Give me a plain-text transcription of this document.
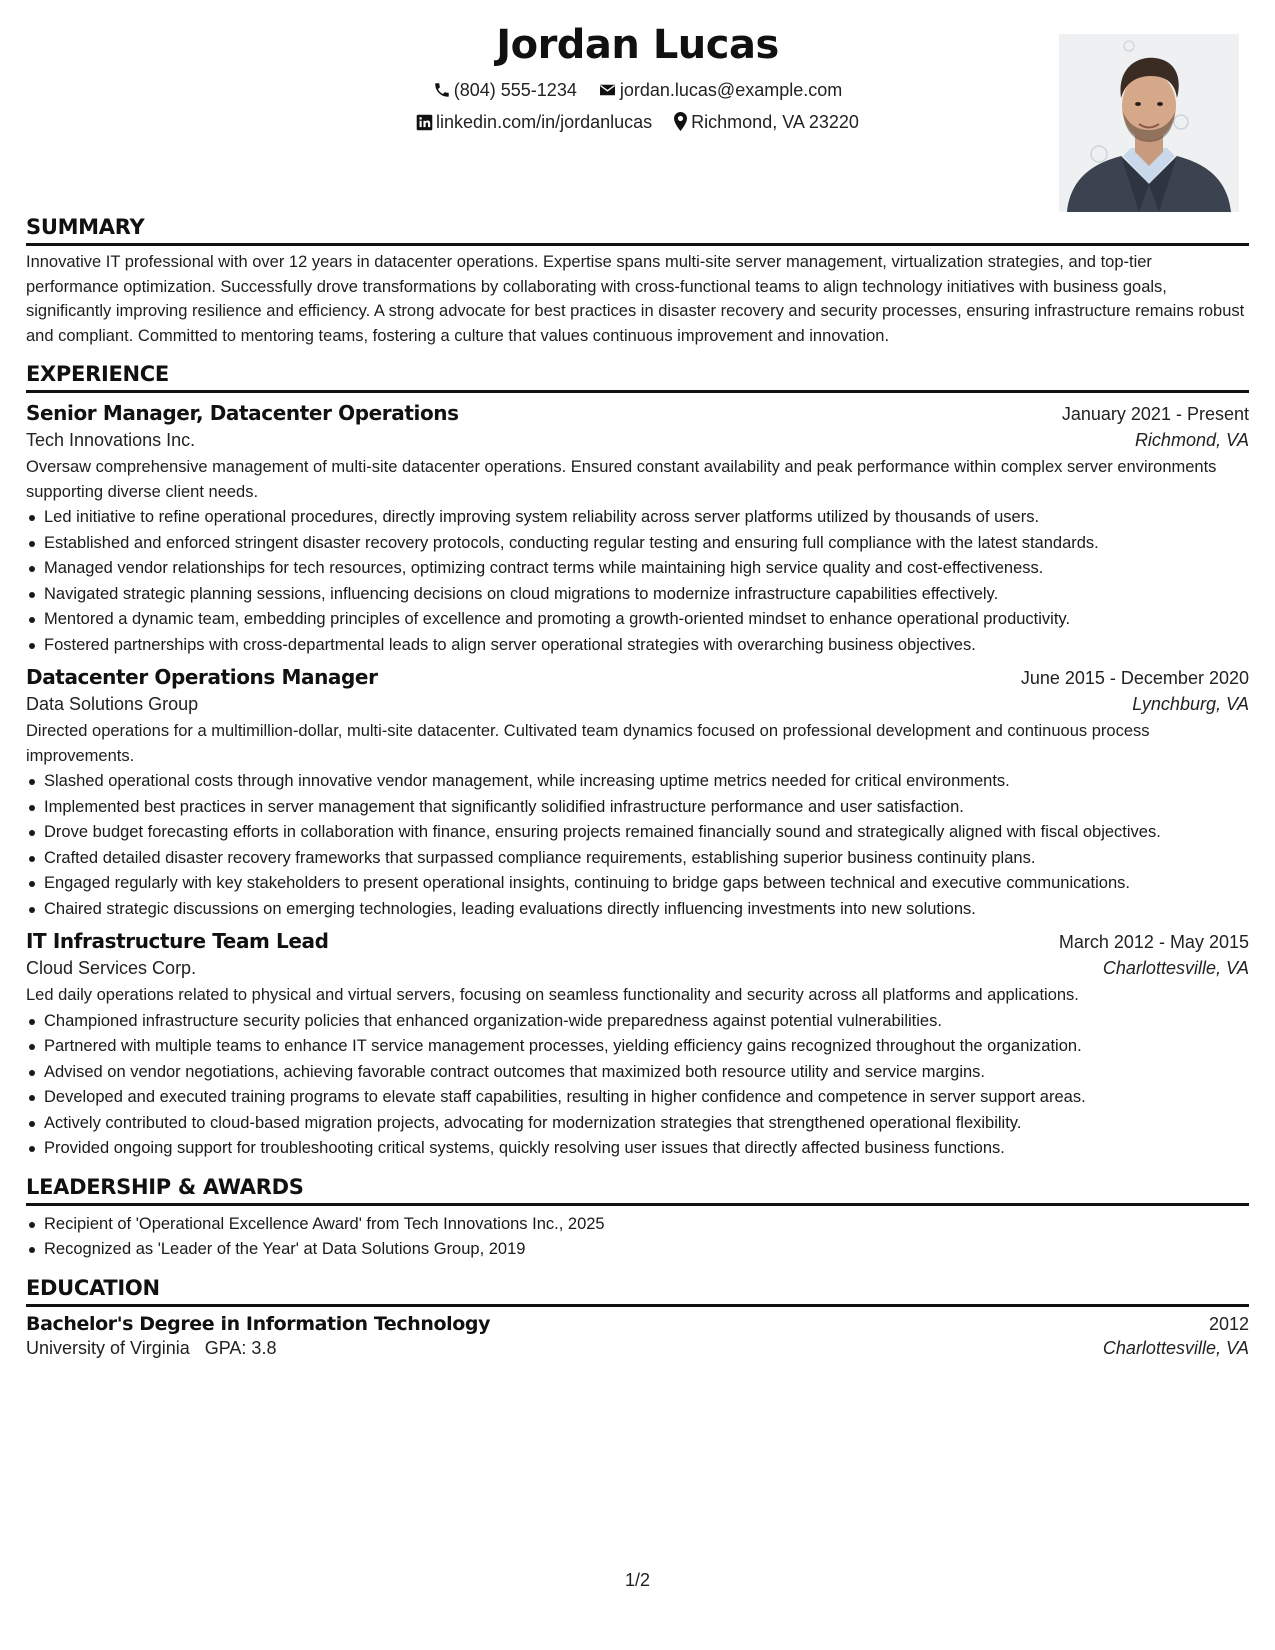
Jordan Lucas
(804) 555-1234 jordan.lucas@example.com
linkedin.com/in/jordanlucas Richmond, VA 23220
SUMMARY

Innovative IT professional with over 12 years in datacenter operations. Expertise spans multi-site server management, virtualization strategies, and top-tier performance optimization. Successfully drove transformations by collaborating with cross-functional teams to align technology initiatives with business goals, significantly improving resilience and efficiency. A strong advocate for best practices in disaster recovery and security processes, ensuring infrastructure remains robust and compliant. Committed to mentoring teams, fostering a culture that values continuous improvement and innovation.

EXPERIENCE
Senior Manager, Datacenter Operations	January 2021 - Present
Tech Innovations Inc.	Richmond, VA

Oversaw comprehensive management of multi-site datacenter operations. Ensured constant availability and peak performance within complex server environments supporting diverse client needs.

Led initiative to refine operational procedures, directly improving system reliability across server platforms utilized by thousands of users.
Established and enforced stringent disaster recovery protocols, conducting regular testing and ensuring full compliance with the latest standards.
Managed vendor relationships for tech resources, optimizing contract terms while maintaining high service quality and cost-effectiveness.
Navigated strategic planning sessions, influencing decisions on cloud migrations to modernize infrastructure capabilities effectively.
Mentored a dynamic team, embedding principles of excellence and promoting a growth-oriented mindset to enhance operational productivity.
Fostered partnerships with cross-departmental leads to align server operational strategies with overarching business objectives.
Datacenter Operations Manager	June 2015 - December 2020
Data Solutions Group	Lynchburg, VA

Directed operations for a multimillion-dollar, multi-site datacenter. Cultivated team dynamics focused on professional development and continuous process improvements.

Slashed operational costs through innovative vendor management, while increasing uptime metrics needed for critical environments.
Implemented best practices in server management that significantly solidified infrastructure performance and user satisfaction.
Drove budget forecasting efforts in collaboration with finance, ensuring projects remained financially sound and strategically aligned with fiscal objectives.
Crafted detailed disaster recovery frameworks that surpassed compliance requirements, establishing superior business continuity plans.
Engaged regularly with key stakeholders to present operational insights, continuing to bridge gaps between technical and executive communications.
Chaired strategic discussions on emerging technologies, leading evaluations directly influencing investments into new solutions.
IT Infrastructure Team Lead	March 2012 - May 2015
Cloud Services Corp.	Charlottesville, VA

Led daily operations related to physical and virtual servers, focusing on seamless functionality and security across all platforms and applications.

Championed infrastructure security policies that enhanced organization-wide preparedness against potential vulnerabilities.
Partnered with multiple teams to enhance IT service management processes, yielding efficiency gains recognized throughout the organization.
Advised on vendor negotiations, achieving favorable contract outcomes that maximized both resource utility and service margins.
Developed and executed training programs to elevate staff capabilities, resulting in higher confidence and competence in server support areas.
Actively contributed to cloud-based migration projects, advocating for modernization strategies that strengthened operational flexibility.
Provided ongoing support for troubleshooting critical systems, quickly resolving user issues that directly affected business functions.
LEADERSHIP & AWARDS
Recipient of 'Operational Excellence Award' from Tech Innovations Inc., 2025
Recognized as 'Leader of the Year' at Data Solutions Group, 2019
EDUCATION
Bachelor's Degree in Information Technology	2012
University of Virginia GPA: 3.8	Charlottesville, VA
1/2
